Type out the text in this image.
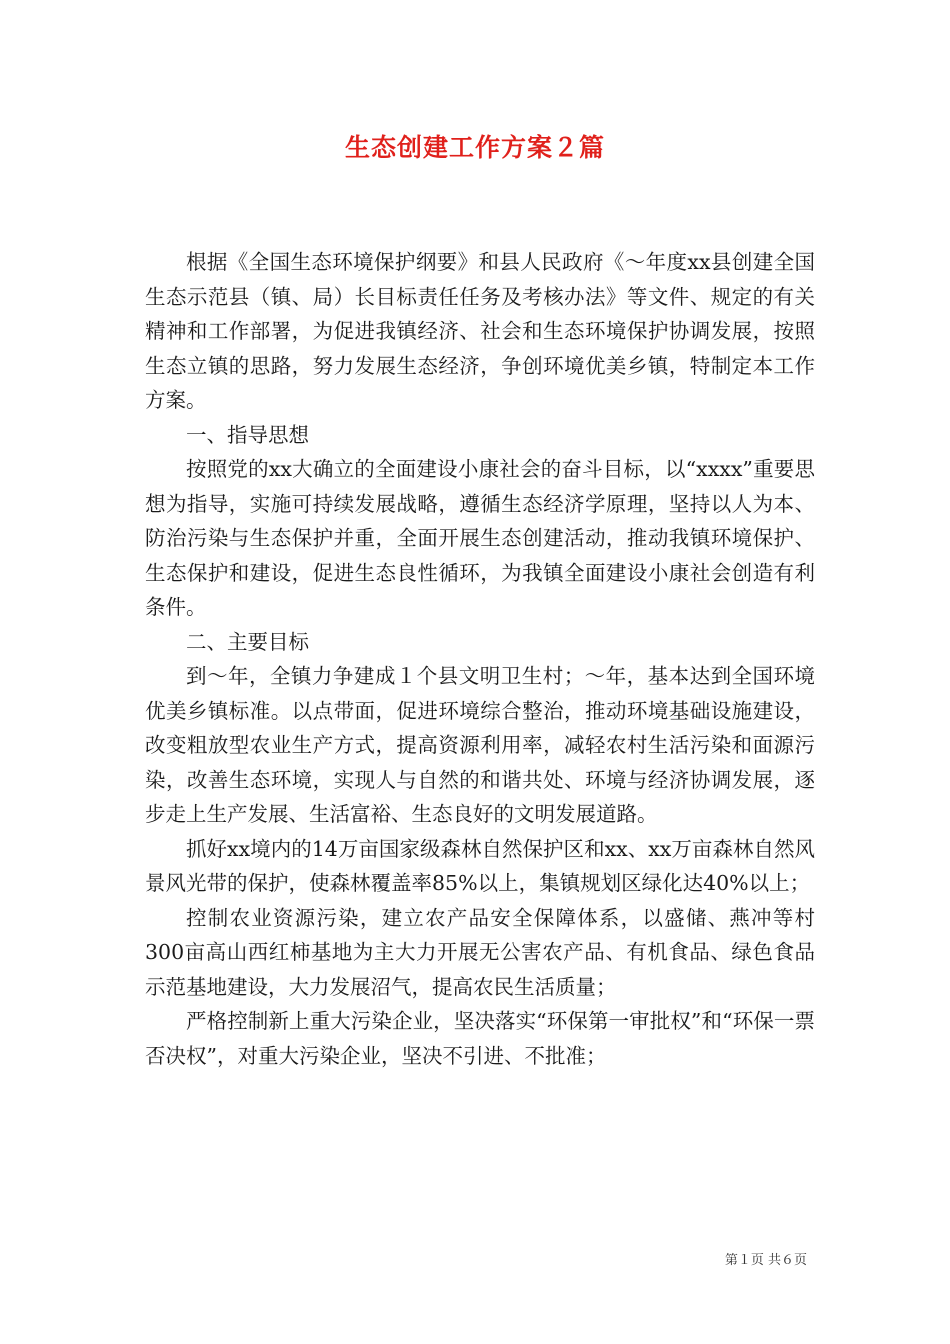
生态创建工作方案２篇

根据《全国生态环境保护纲要》和县人民政府《～年度xx县创建全国生态示范县（镇、局）长目标责任任务及考核办法》等文件、规定的有关精神和工作部署，为促进我镇经济、社会和生态环境保护协调发展，按照生态立镇的思路，努力发展生态经济，争创环境优美乡镇，特制定本工作方案。

一、指导思想

按照党的xx大确立的全面建设小康社会的奋斗目标，以“xxxx”重要思想为指导，实施可持续发展战略，遵循生态经济学原理，坚持以人为本、防治污染与生态保护并重，全面开展生态创建活动，推动我镇环境保护、生态保护和建设，促进生态良性循环，为我镇全面建设小康社会创造有利条件。

二、主要目标

到～年，全镇力争建成１个县文明卫生村；～年，基本达到全国环境优美乡镇标准。以点带面，促进环境综合整治，推动环境基础设施建设，改变粗放型农业生产方式，提高资源利用率，减轻农村生活污染和面源污染，改善生态环境，实现人与自然的和谐共处、环境与经济协调发展，逐步走上生产发展、生活富裕、生态良好的文明发展道路。

抓好xx境内的14万亩国家级森林自然保护区和xx、xx万亩森林自然风景风光带的保护，使森林覆盖率85%以上，集镇规划区绿化达40%以上；

控制农业资源污染，建立农产品安全保障体系，以盛储、燕冲等村300亩高山西红柿基地为主大力开展无公害农产品、有机食品、绿色食品示范基地建设，大力发展沼气，提高农民生活质量；

严格控制新上重大污染企业，坚决落实“环保第一审批权”和“环保一票否决权”，对重大污染企业，坚决不引进、不批准；

第１页 共６页
